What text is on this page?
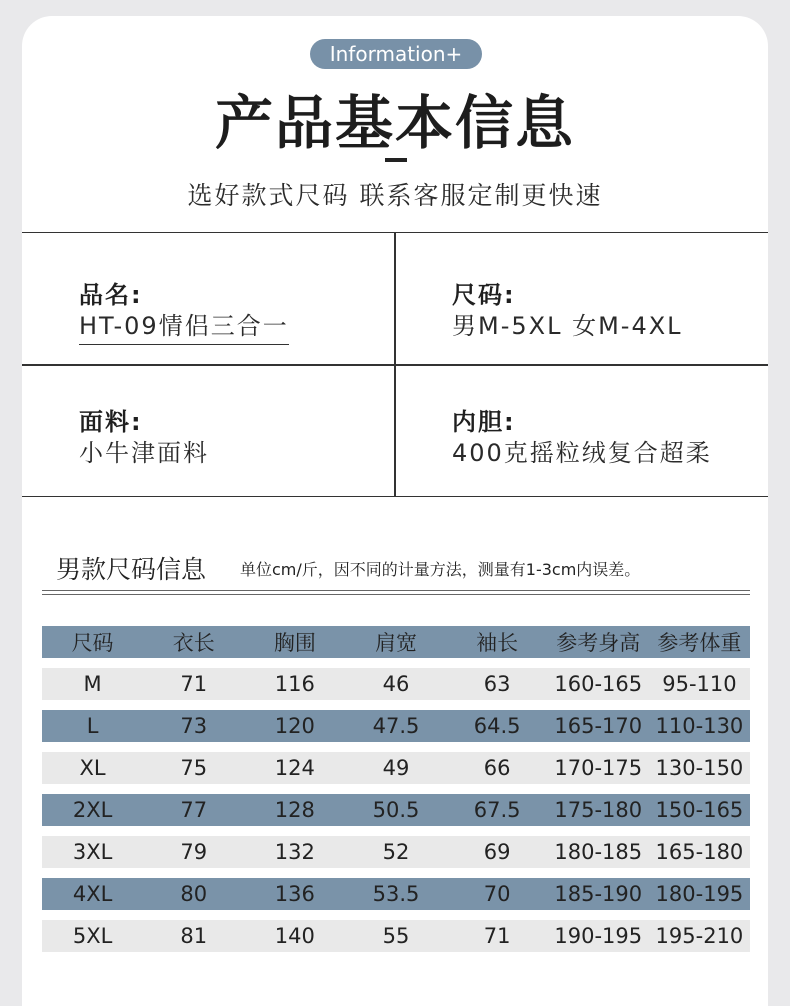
Information+
产品基本信息
选好款式尺码 联系客服定制更快速
品名:
HT-09情侣三合一
尺码:
男M-5XL 女M-4XL
面料:
小牛津面料
内胆:
400克摇粒绒复合超柔
男款尺码信息 单位cm/斤，因不同的计量方法，测量有1-3cm内误差。
尺码	衣长	胸围	肩宽	袖长	参考身高	参考体重
M	71	116	46	63	160-165	95-110
L	73	120	47.5	64.5	165-170	110-130
XL	75	124	49	66	170-175	130-150
2XL	77	128	50.5	67.5	175-180	150-165
3XL	79	132	52	69	180-185	165-180
4XL	80	136	53.5	70	185-190	180-195
5XL	81	140	55	71	190-195	195-210
